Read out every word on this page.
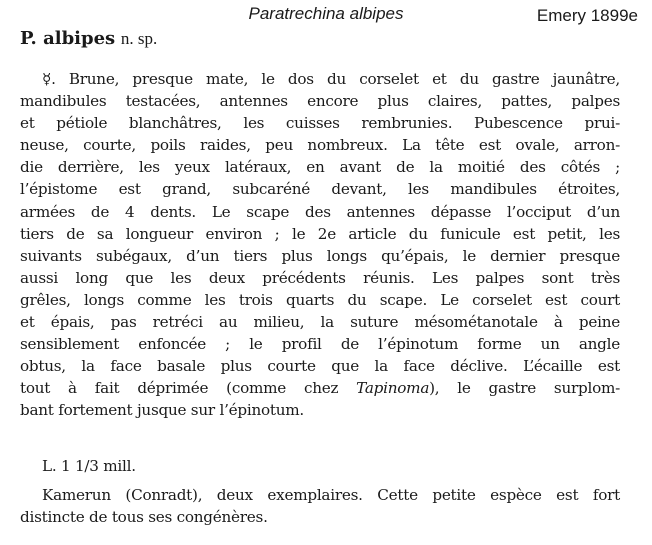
Paratrechina albipes	Emery 1899e
P. albipes n. sp.
☿. Brune, presque mate, le dos du corselet et du gastre jaunâtre,
mandibules testacées, antennes encore plus claires, pattes, palpes
et pétiole blanchâtres, les cuisses rembrunies. Pubescence prui-
neuse, courte, poils raides, peu nombreux. La tête est ovale, arron-
die derrière, les yeux latéraux, en avant de la moitié des côtés ;
l’épistome est grand, subcaréné devant, les mandibules étroites,
armées de 4 dents. Le scape des antennes dépasse l’occiput d’un
tiers de sa longueur environ ; le 2e article du funicule est petit, les
suivants subégaux, d’un tiers plus longs qu’épais, le dernier presque
aussi long que les deux précédents réunis. Les palpes sont très
grêles, longs comme les trois quarts du scape. Le corselet est court
et épais, pas retréci au milieu, la suture mésométanotale à peine
sensiblement enfoncée ; le profil de l’épinotum forme un angle
obtus, la face basale plus courte que la face déclive. L’écaille est
tout à fait déprimée (comme chez Tapinoma), le gastre surplom-
bant fortement jusque sur l’épinotum.
L. 1 1/3 mill.
Kamerun (Conradt), deux exemplaires. Cette petite espèce est fort
distincte de tous ses congénères.
